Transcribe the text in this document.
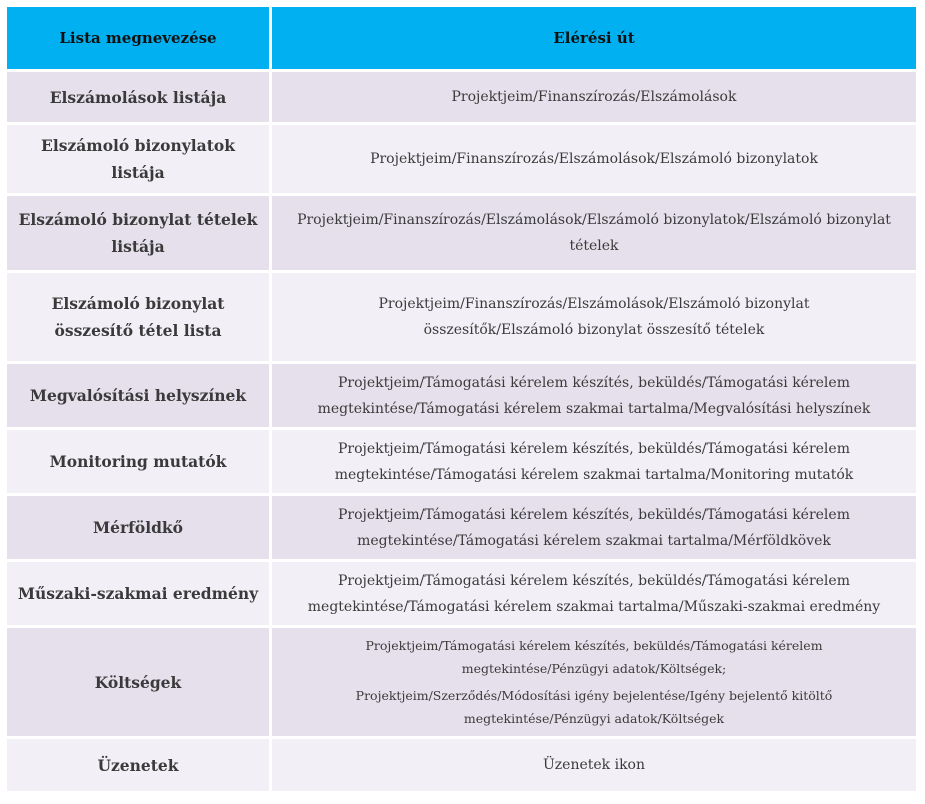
Lista megnevezése	Elérési út
Elszámolások listája	Projektjeim/Finanszírozás/Elszámolások
Elszámoló bizonylatok listája	Projektjeim/Finanszírozás/Elszámolások/Elszámoló bizonylatok
Elszámoló bizonylat tételek listája	Projektjeim/Finanszírozás/Elszámolások/Elszámoló bizonylatok/Elszámoló bizonylat tételek
Elszámoló bizonylat összesítő tétel lista	Projektjeim/Finanszírozás/Elszámolások/Elszámoló bizonylat összesítők/Elszámoló bizonylat összesítő tételek
Megvalósítási helyszínek	Projektjeim/Támogatási kérelem készítés, beküldés/Támogatási kérelem megtekintése/Támogatási kérelem szakmai tartalma/Megvalósítási helyszínek
Monitoring mutatók	Projektjeim/Támogatási kérelem készítés, beküldés/Támogatási kérelem megtekintése/Támogatási kérelem szakmai tartalma/Monitoring mutatók
Mérföldkő	Projektjeim/Támogatási kérelem készítés, beküldés/Támogatási kérelem megtekintése/Támogatási kérelem szakmai tartalma/Mérföldkövek
Műszaki-szakmai eredmény	Projektjeim/Támogatási kérelem készítés, beküldés/Támogatási kérelem megtekintése/Támogatási kérelem szakmai tartalma/Műszaki-szakmai eredmény
Költségek	Projektjeim/Támogatási kérelem készítés, beküldés/Támogatási kérelem megtekintése/Pénzügyi adatok/Költségek;
Projektjeim/Szerződés/Módosítási igény bejelentése/Igény bejelentő kitöltő megtekintése/Pénzügyi adatok/Költségek

Üzenetek	Üzenetek ikon
